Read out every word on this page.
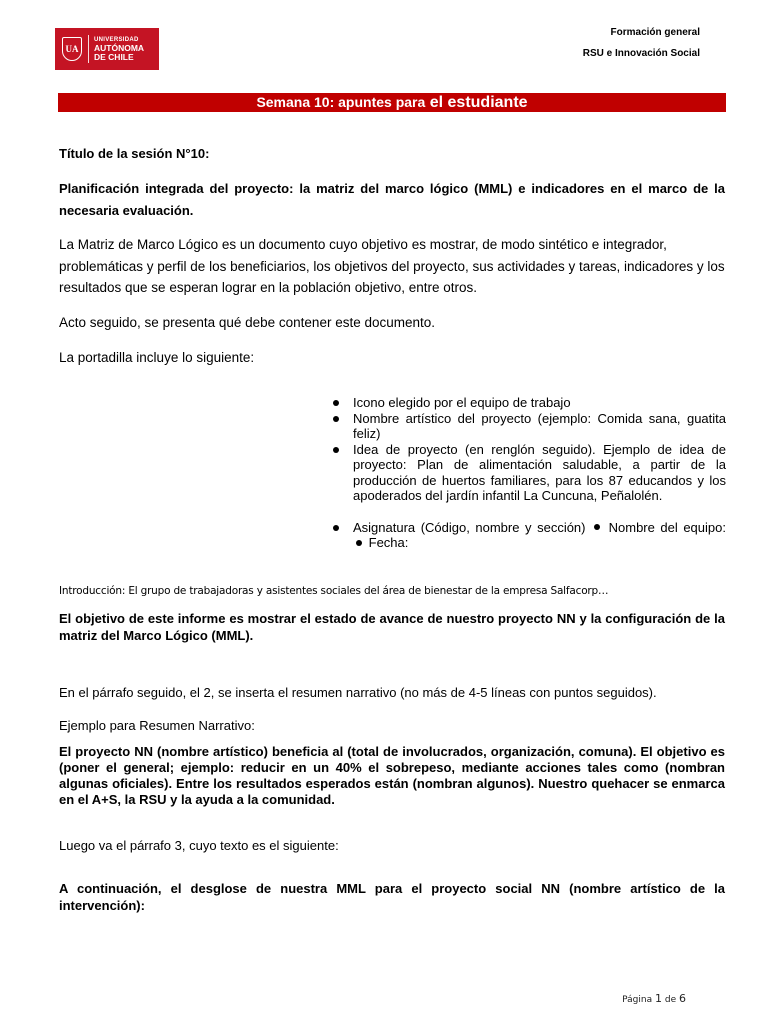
UA
UNIVERSIDAD
AUTÓNOMA
DE CHILE
Formación general
RSU e Innovación Social
Semana 10: apuntes para el estudiante

Título de la sesión N°10:

Planificación integrada del proyecto: la matriz del marco lógico (MML) e indicadores en el marco de la necesaria evaluación.

La Matriz de Marco Lógico es un documento cuyo objetivo es mostrar, de modo sintético e integrador, problemáticas y perfil de los beneficiarios, los objetivos del proyecto, sus actividades y tareas, indicadores y los resultados que se esperan lograr en la población objetivo, entre otros.

Acto seguido, se presenta qué debe contener este documento.

La portadilla incluye lo siguiente:

Icono elegido por el equipo de trabajo
Nombre artístico del proyecto (ejemplo: Comida sana, guatita feliz)
Idea de proyecto (en renglón seguido). Ejemplo de idea de proyecto: Plan de alimentación saludable, a partir de la producción de huertos familiares, para los 87 educandos y los apoderados del jardín infantil La Cuncuna, Peñalolén.
Asignatura (Código, nombre y sección) Nombre del equipo:  Fecha:

Introducción: El grupo de trabajadoras y asistentes sociales del área de bienestar de la empresa Salfacorp…

El objetivo de este informe es mostrar el estado de avance de nuestro proyecto NN y la configuración de la matriz del Marco Lógico (MML).

En el párrafo seguido, el 2, se inserta el resumen narrativo (no más de 4-5 líneas con puntos seguidos).

Ejemplo para Resumen Narrativo:

El proyecto NN (nombre artístico) beneficia al (total de involucrados, organización, comuna). El objetivo es (poner el general; ejemplo: reducir en un 40% el sobrepeso, mediante acciones tales como (nombran algunas oficiales). Entre los resultados esperados están (nombran algunos). Nuestro quehacer se enmarca en el A+S, la RSU y la ayuda a la comunidad.

Luego va el párrafo 3, cuyo texto es el siguiente:

A continuación, el desglose de nuestra MML para el proyecto social NN (nombre artístico de la intervención):

Página 1 de 6
